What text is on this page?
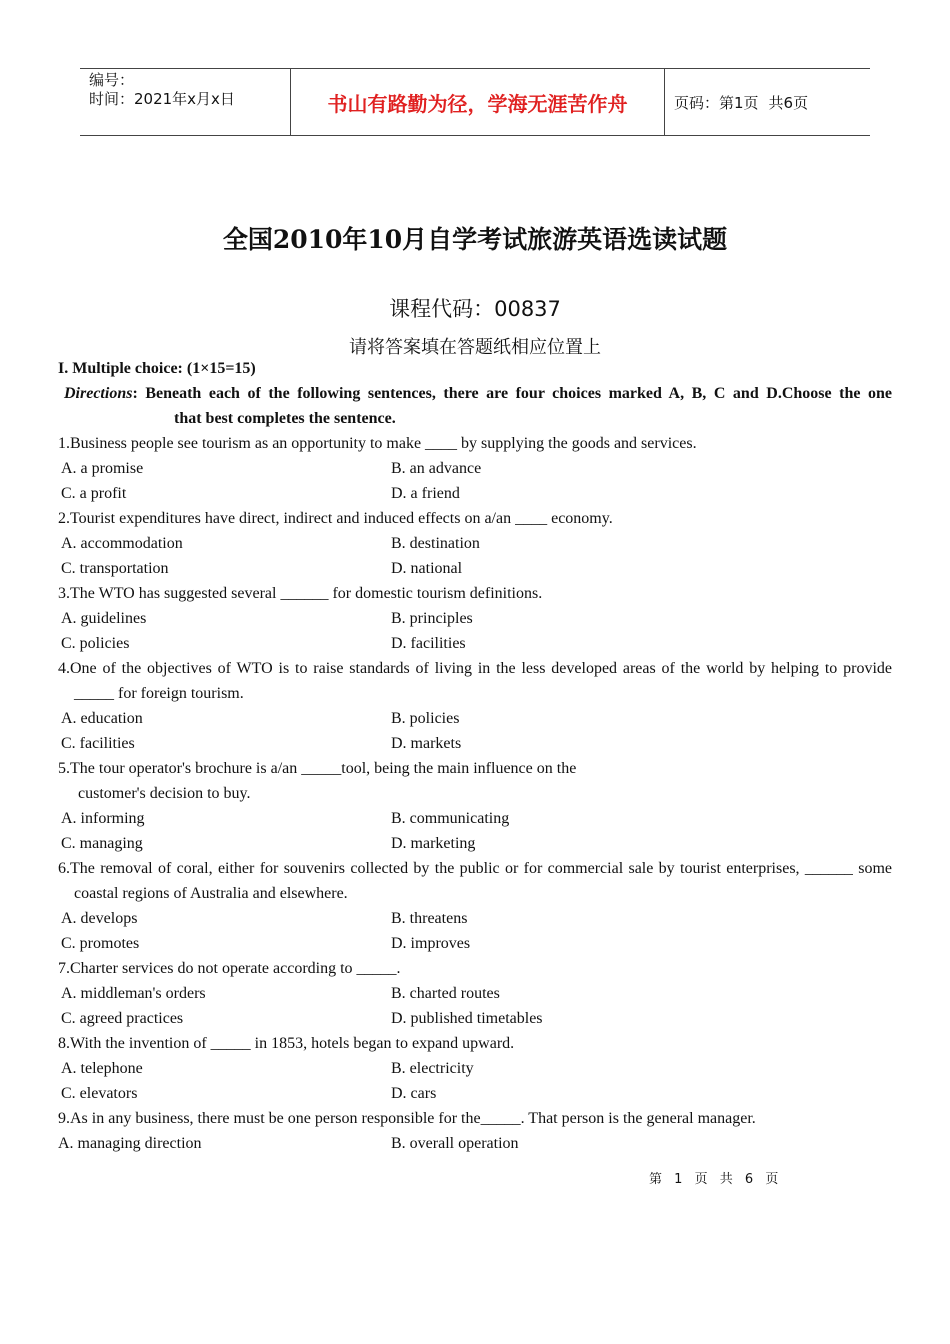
编号：
时间：2021年x月x日	书山有路勤为径，学海无涯苦作舟	页码：第1页 共6页
全国2010年10月自学考试旅游英语选读试题
课程代码：00837
请将答案填在答题纸相应位置上
I. Multiple choice: (1×15=15)
Directions: Beneath each of the following sentences, there are four choices marked A, B, C and D.Choose the one
that best completes the sentence.
1.Business people see tourism as an opportunity to make ____ by supplying the goods and services.
A. a promise	B. an advance
C. a profit	D. a friend
2.Tourist expenditures have direct, indirect and induced effects on a/an ____ economy.
A. accommodation	B. destination
C. transportation	D. national
3.The WTO has suggested several ______ for domestic tourism definitions.
A. guidelines	B. principles
C. policies	D. facilities
4.One of the objectives of WTO is to raise standards of living in the less developed areas of the world by helping to provide _____ for foreign tourism.
A. education	B. policies
C. facilities	D. markets
5.The tour operator's brochure is a/an _____tool, being the main influence on the
customer's decision to buy.
A. informing	B. communicating
C. managing	D. marketing
6.The removal of coral, either for souvenirs collected by the public or for commercial sale by tourist enterprises, ______ some coastal regions of Australia and elsewhere.
A. develops	B. threatens
C. promotes	D. improves
7.Charter services do not operate according to _____.
A. middleman's orders	B. charted routes
C. agreed practices	D. published timetables
8.With the invention of _____ in 1853, hotels began to expand upward.
A. telephone	B. electricity
C. elevators	D. cars
9.As in any business, there must be one person responsible for the_____. That person is the general manager.
A. managing direction	B. overall operation
第 1 页 共 6 页
